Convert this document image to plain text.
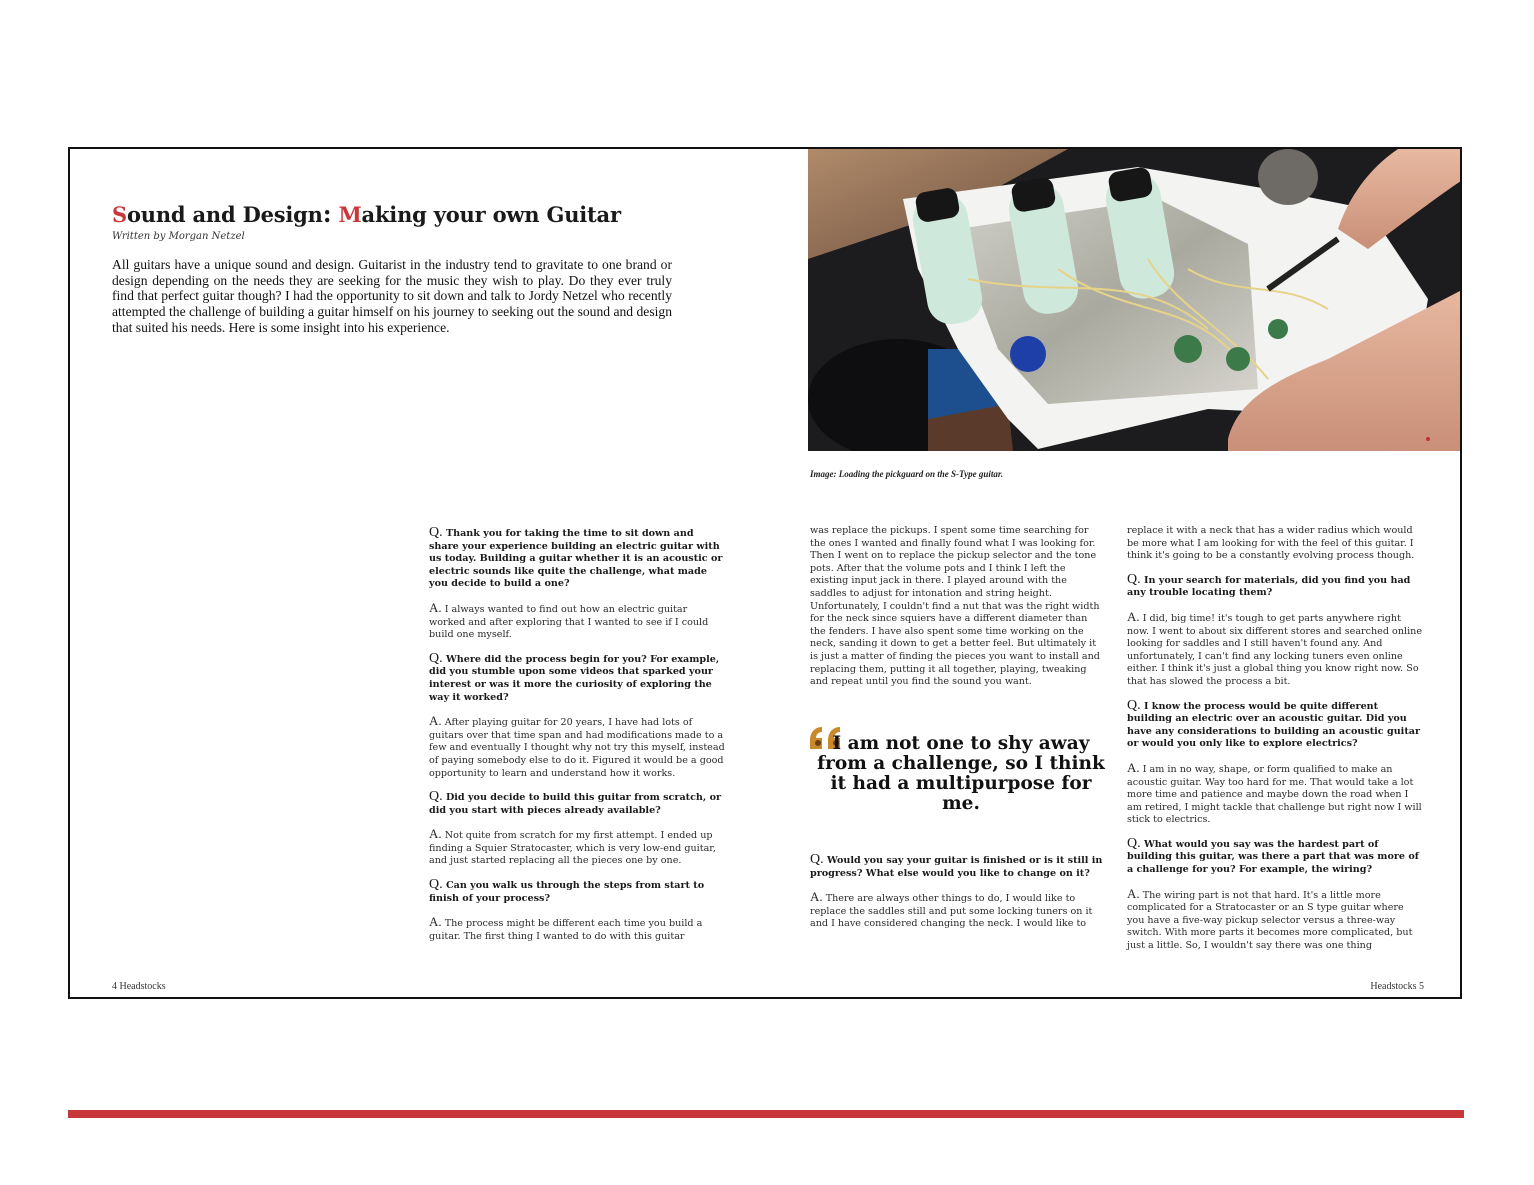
Sound and Design: Making your own Guitar
Written by Morgan Netzel

All guitars have a unique sound and design. Guitarist in the industry tend to gravitate to one brand or design depending on the needs they are seeking for the music they wish to play. Do they ever truly find that perfect guitar though? I had the opportunity to sit down and talk to Jordy Netzel who recently attempted the challenge of building a guitar himself on his journey to seeking out the sound and design that suited his needs. Here is some insight into his experience.

Image: Loading the pickguard on the S-Type guitar.

Q. Thank you for taking the time to sit down and share your experience building an electric guitar with us today. Building a guitar whether it is an acoustic or electric sounds like quite the challenge, what made you decide to build a one?

A. I always wanted to find out how an electric guitar worked and after exploring that I wanted to see if I could build one myself.

Q. Where did the process begin for you? For example, did you stumble upon some videos that sparked your interest or was it more the curiosity of exploring the way it worked?

A. After playing guitar for 20 years, I have had lots of guitars over that time span and had modifications made to a few and eventually I thought why not try this myself, instead of paying somebody else to do it. Figured it would be a good opportunity to learn and understand how it works.

Q. Did you decide to build this guitar from scratch, or did you start with pieces already available?

A. Not quite from scratch for my first attempt. I ended up finding a Squier Stratocaster, which is very low-end guitar, and just started replacing all the pieces one by one.

Q. Can you walk us through the steps from start to finish of your process?

A. The process might be different each time you build a guitar. The first thing I wanted to do with this guitar

was replace the pickups. I spent some time searching for the ones I wanted and finally found what I was looking for. Then I went on to replace the pickup selector and the tone pots. After that the volume pots and I think I left the existing input jack in there. I played around with the saddles to adjust for intonation and string height. Unfortunately, I couldn't find a nut that was the right width for the neck since squiers have a different diameter than the fenders. I have also spent some time working on the neck, sanding it down to get a better feel. But ultimately it is just a matter of finding the pieces you want to install and replacing them, putting it all together, playing, tweaking and repeat until you find the sound you want.

I am not one to shy away from a challenge, so I think it had a multipurpose for me.

Q. Would you say your guitar is finished or is it still in progress? What else would you like to change on it?

A. There are always other things to do, I would like to replace the saddles still and put some locking tuners on it and I have considered changing the neck. I would like to

replace it with a neck that has a wider radius which would be more what I am looking for with the feel of this guitar. I think it's going to be a constantly evolving process though.

Q. In your search for materials, did you find you had any trouble locating them?

A. I did, big time! it's tough to get parts anywhere right now. I went to about six different stores and searched online looking for saddles and I still haven't found any. And unfortunately, I can't find any locking tuners even online either. I think it's just a global thing you know right now. So that has slowed the process a bit.

Q. I know the process would be quite different building an electric over an acoustic guitar. Did you have any considerations to building an acoustic guitar or would you only like to explore electrics?

A. I am in no way, shape, or form qualified to make an acoustic guitar. Way too hard for me. That would take a lot more time and patience and maybe down the road when I am retired, I might tackle that challenge but right now I will stick to electrics.

Q. What would you say was the hardest part of building this guitar, was there a part that was more of a challenge for you? For example, the wiring?

A. The wiring part is not that hard. It's a little more complicated for a Stratocaster or an S type guitar where you have a five-way pickup selector versus a three-way switch. With more parts it becomes more complicated, but just a little. So, I wouldn't say there was one thing

4 Headstocks	Headstocks 5
